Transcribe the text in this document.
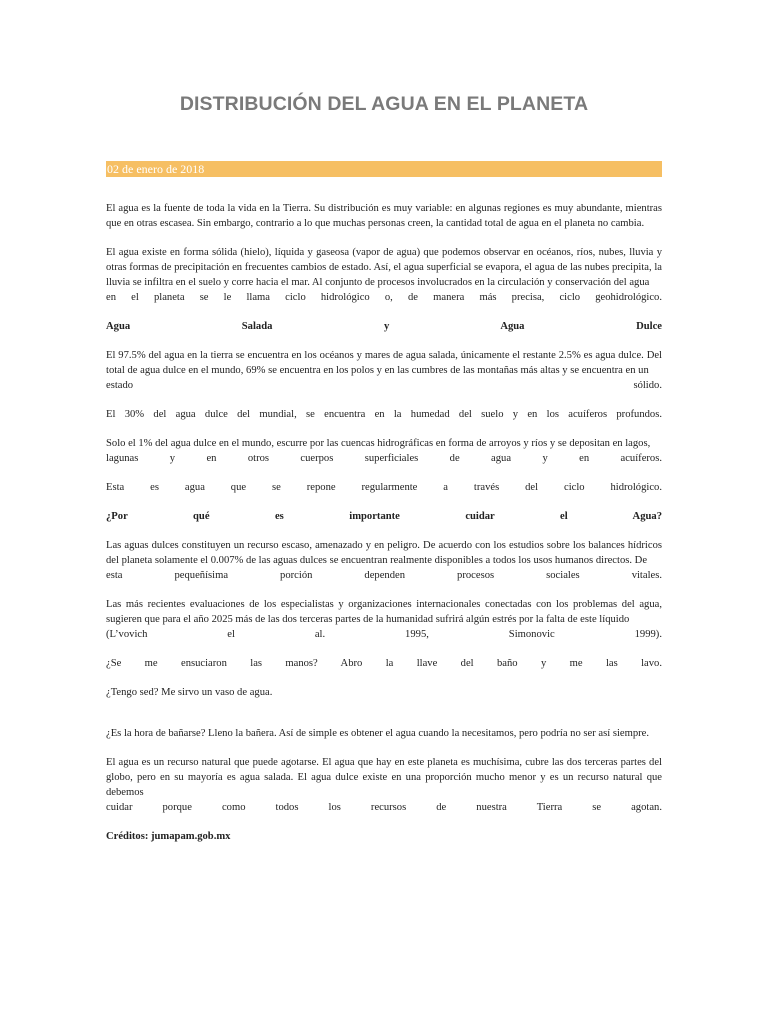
DISTRIBUCIÓN DEL AGUA EN EL PLANETA
02 de enero de 2018
El agua es la fuente de toda la vida en la Tierra. Su distribución es muy variable: en algunas regiones es muy abundante, mientras que en otras escasea. Sin embargo, contrario a lo que muchas personas creen, la cantidad total de agua en el planeta no cambia.
El agua existe en forma sólida (hielo), líquida y gaseosa (vapor de agua) que podemos observar en océanos, ríos, nubes, lluvia y otras formas de precipitación en frecuentes cambios de estado. Así, el agua superficial se evapora, el agua de las nubes precipita, la lluvia se infiltra en el suelo y corre hacia el mar. Al conjunto de procesos involucrados en la circulación y conservación del agua
en el planeta se le llama ciclo hidrológico o, de manera más precisa, ciclo geohidrológico.
Agua Salada y Agua Dulce
El 97.5% del agua en la tierra se encuentra en los océanos y mares de agua salada, únicamente el restante 2.5% es agua dulce. Del total de agua dulce en el mundo, 69% se encuentra en los polos y en las cumbres de las montañas más altas y se encuentra en un
estado sólido.
El 30% del agua dulce del mundial, se encuentra en la humedad del suelo y en los acuíferos profundos.
Solo el 1% del agua dulce en el mundo, escurre por las cuencas hidrográficas en forma de arroyos y ríos y se depositan en lagos,
lagunas y en otros cuerpos superficiales de agua y en acuíferos.
Esta es agua que se repone regularmente a través del ciclo hidrológico.
¿Por qué es importante cuidar el Agua?
Las aguas dulces constituyen un recurso escaso, amenazado y en peligro. De acuerdo con los estudios sobre los balances hídricos del planeta solamente el 0.007% de las aguas dulces se encuentran realmente disponibles a todos los usos humanos directos. De
esta pequeñísima porción dependen procesos sociales vitales.
Las más recientes evaluaciones de los especialistas y organizaciones internacionales conectadas con los problemas del agua, sugieren que para el año 2025 más de las dos terceras partes de la humanidad sufrirá algún estrés por la falta de este líquido
(L’vovich el al. 1995, Simonovic 1999).
¿Se me ensuciaron las manos? Abro la llave del baño y me las lavo.
¿Tengo sed? Me sirvo un vaso de agua.
¿Es la hora de bañarse? Lleno la bañera. Así de simple es obtener el agua cuando la necesitamos, pero podría no ser así siempre.
El agua es un recurso natural que puede agotarse. El agua que hay en este planeta es muchísima, cubre las dos terceras partes del globo, pero en su mayoría es agua salada. El agua dulce existe en una proporción mucho menor y es un recurso natural que debemos
cuidar porque como todos los recursos de nuestra Tierra se agotan.
Créditos: jumapam.gob.mx
